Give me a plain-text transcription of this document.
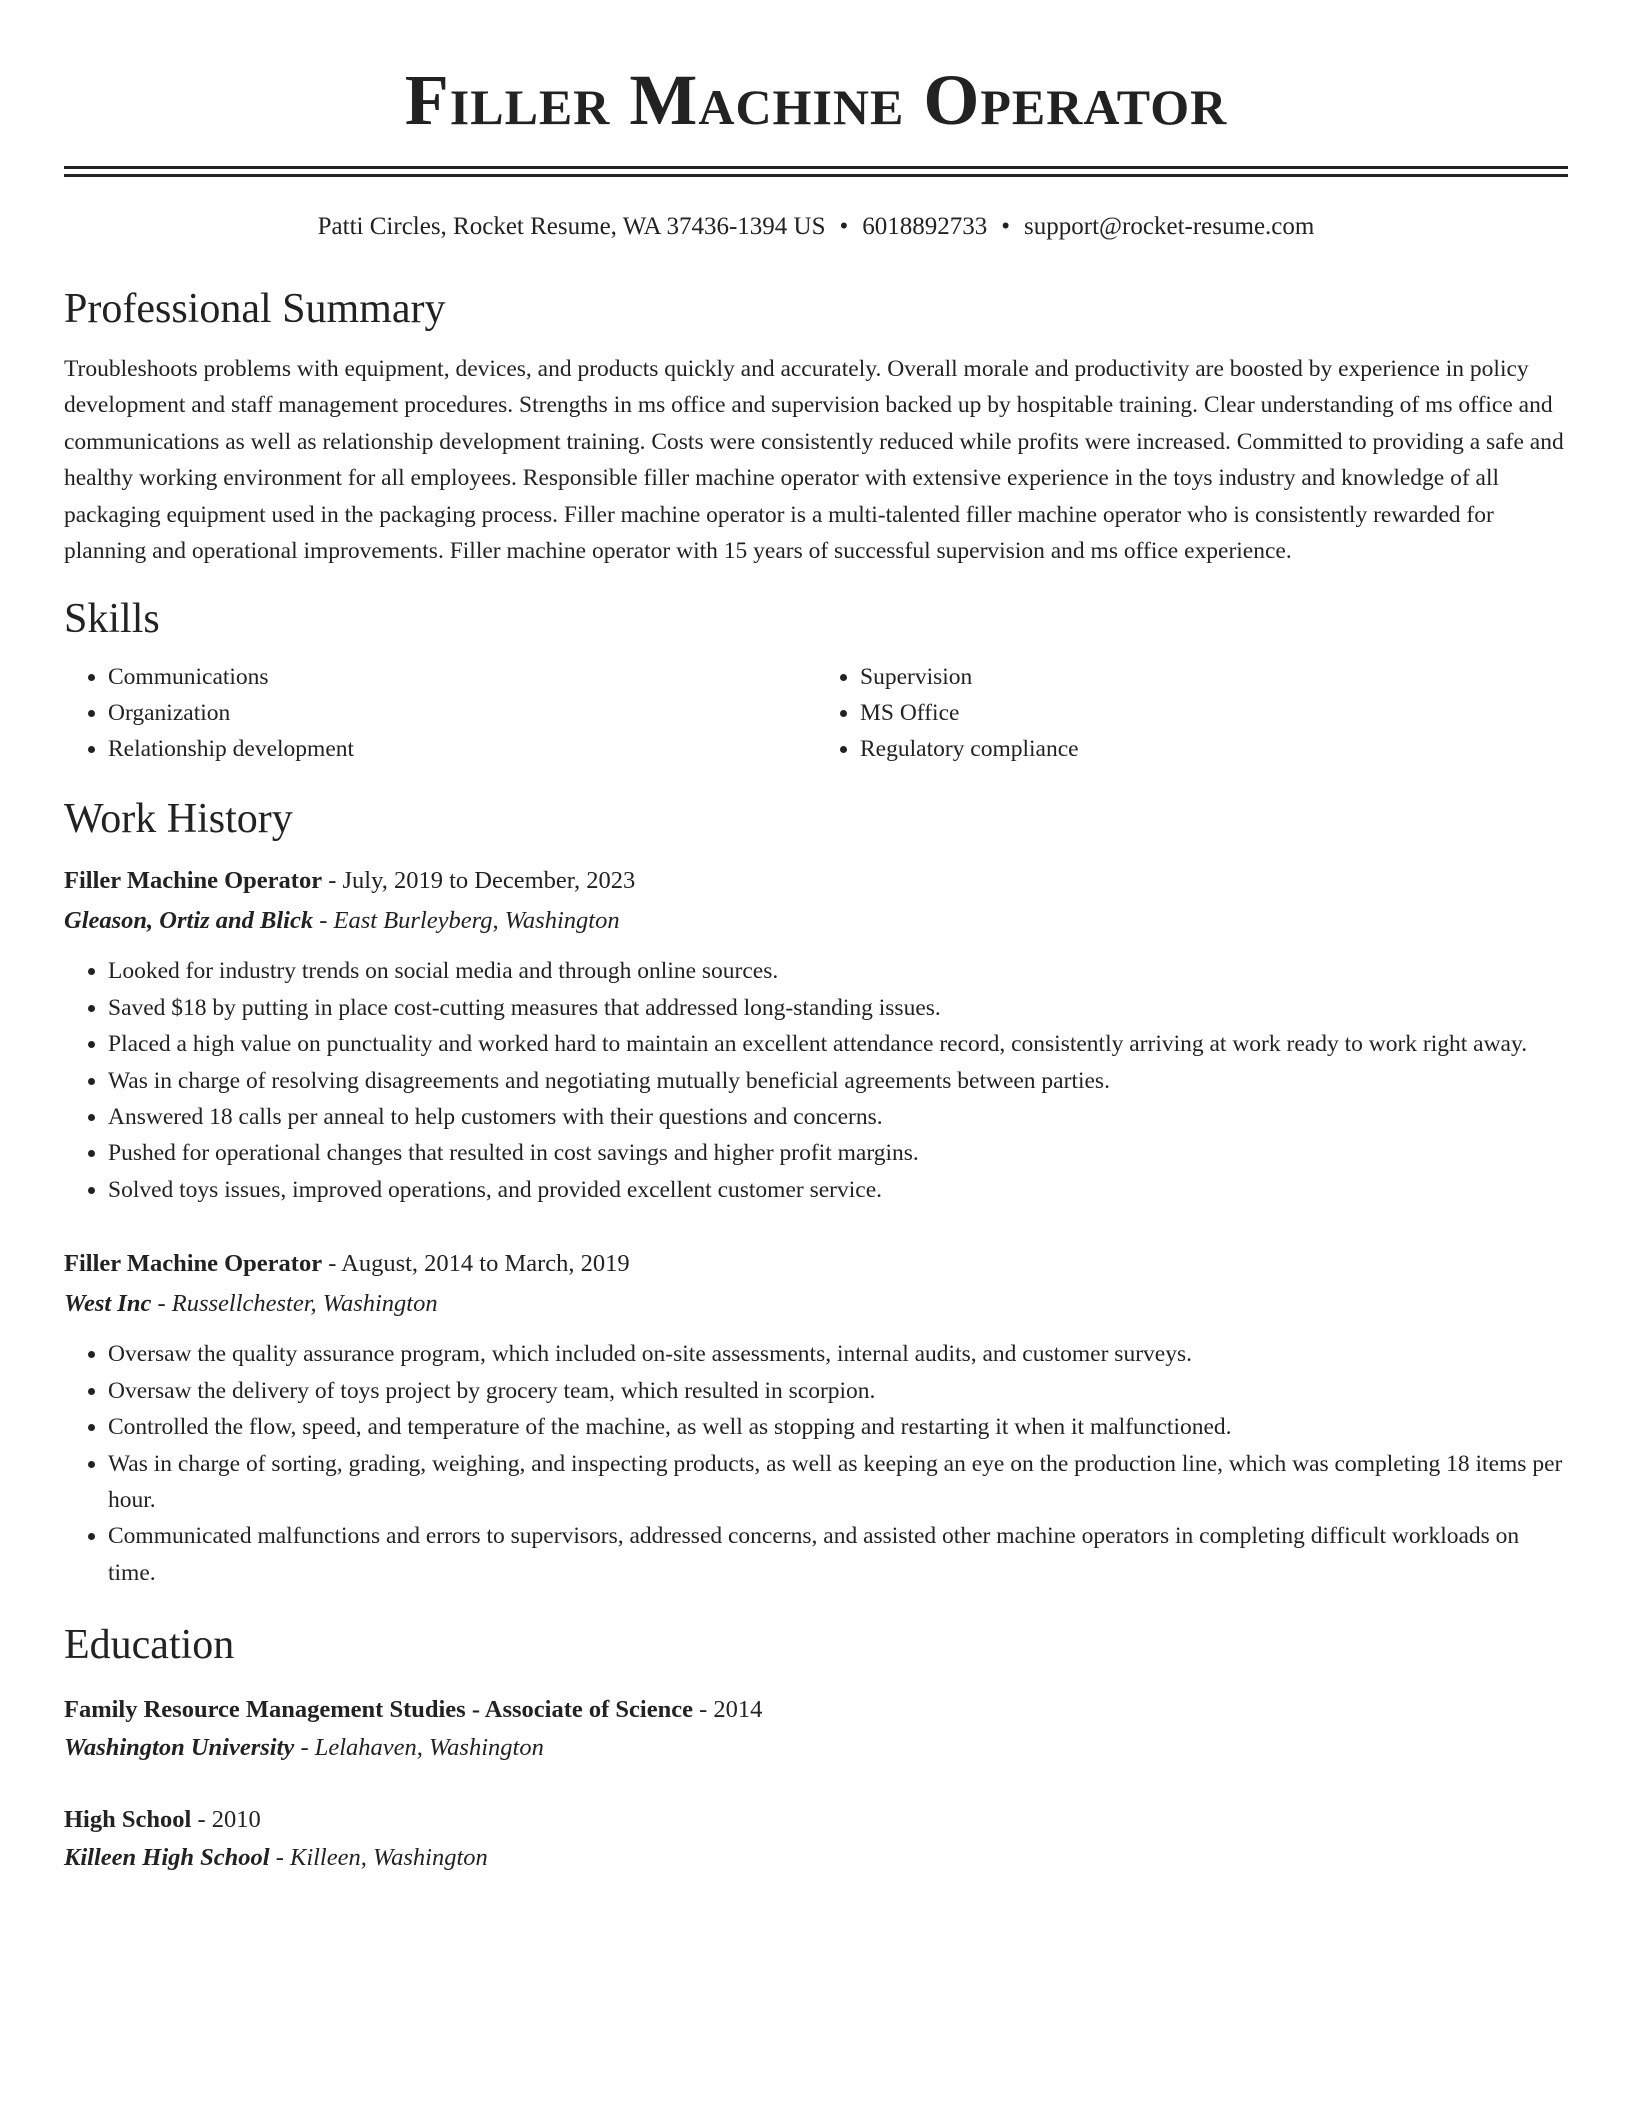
Filler Machine Operator
Patti Circles, Rocket Resume, WA 37436-1394 US • 6018892733 • support@rocket-resume.com
Professional Summary

Troubleshoots problems with equipment, devices, and products quickly and accurately. Overall morale and productivity are boosted by experience in policy development and staff management procedures. Strengths in ms office and supervision backed up by hospitable training. Clear understanding of ms office and communications as well as relationship development training. Costs were consistently reduced while profits were increased. Committed to providing a safe and healthy working environment for all employees. Responsible filler machine operator with extensive experience in the toys industry and knowledge of all packaging equipment used in the packaging process. Filler machine operator is a multi-talented filler machine operator who is consistently rewarded for planning and operational improvements. Filler machine operator with 15 years of successful supervision and ms office experience.

Skills
• Communications
• Organization
• Relationship development
• Supervision
• MS Office
• Regulatory compliance
Work History
Filler Machine Operator - July, 2019 to December, 2023
Gleason, Ortiz and Blick - East Burleyberg, Washington
• Looked for industry trends on social media and through online sources.
• Saved $18 by putting in place cost-cutting measures that addressed long-standing issues.
• Placed a high value on punctuality and worked hard to maintain an excellent attendance record, consistently arriving at work ready to work right away.
• Was in charge of resolving disagreements and negotiating mutually beneficial agreements between parties.
• Answered 18 calls per anneal to help customers with their questions and concerns.
• Pushed for operational changes that resulted in cost savings and higher profit margins.
• Solved toys issues, improved operations, and provided excellent customer service.
Filler Machine Operator - August, 2014 to March, 2019
West Inc - Russellchester, Washington
• Oversaw the quality assurance program, which included on-site assessments, internal audits, and customer surveys.
• Oversaw the delivery of toys project by grocery team, which resulted in scorpion.
• Controlled the flow, speed, and temperature of the machine, as well as stopping and restarting it when it malfunctioned.
• Was in charge of sorting, grading, weighing, and inspecting products, as well as keeping an eye on the production line, which was completing 18 items per hour.
• Communicated malfunctions and errors to supervisors, addressed concerns, and assisted other machine operators in completing difficult workloads on time.
Education
Family Resource Management Studies - Associate of Science - 2014
Washington University - Lelahaven, Washington
High School - 2010
Killeen High School - Killeen, Washington
